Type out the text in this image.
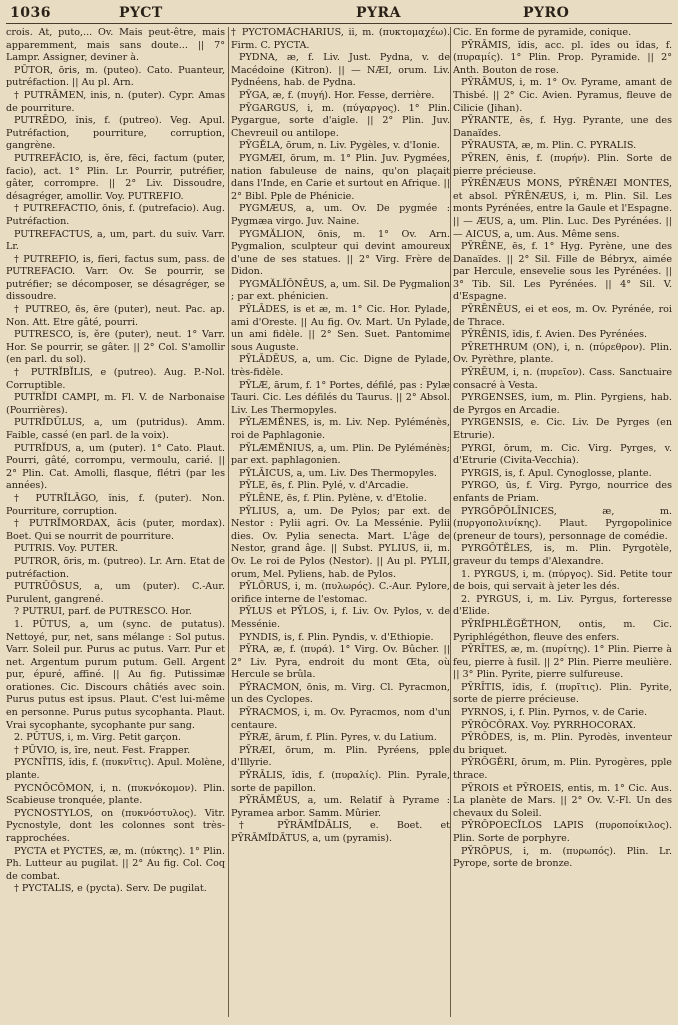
1036	PYCT	PYRA	PYRO

crois. At, puto,... Ov. Mais peut-être, mais apparemment, mais sans doute... || 7° Lampr. Assigner, deviner à.

PŪTOR, ōris, m. (puteo). Cato. Puanteur, putréfaction. || Au pl. Arn.

† PUTRĀMEN, inis, n. (puter). Cypr. Amas de pourriture.

PUTRĒDO, ĭnis, f. (putreo). Veg. Apul. Putréfaction, pourriture, corruption, gangrène.

PUTREFĂCIO, is, ĕre, fēci, factum (puter, facio), act. 1° Plin. Lr. Pourrir, putréfier, gâter, corrompre. || 2° Liv. Dissoudre, désagréger, amollir. Voy. PUTREFIO.

† PUTREFACTIO, ōnis, f. (putrefacio). Aug. Putréfaction.

PUTREFACTUS, a, um, part. du suiv. Varr. Lr.

† PUTREFIO, is, fĭeri, factus sum, pass. de PUTREFACIO. Varr. Ov. Se pourrir, se putréfier; se décomposer, se désagréger, se dissoudre.

† PUTREO, ēs, ēre (puter), neut. Pac. ap. Non. Att. Etre gâté, pourri.

PUTRESCO, ĭs, ĕre (puter), neut. 1° Varr. Hor. Se pourrir, se gâter. || 2° Col. S'amollir (en parl. du sol).

† PUTRĬBĬLIS, e (putreo). Aug. P.-Nol. Corruptible.

PUTRĬDI CAMPI, m. Fl. V. de Narbonaise (Pourrières).

PUTRĬDŬLUS, a, um (putridus). Amm. Faible, cassé (en parl. de la voix).

PUTRĬDUS, a, um (puter). 1° Cato. Plaut. Pourri, gâté, corrompu, vermoulu, carié. || 2° Plin. Cat. Amolli, flasque, flétri (par les années).

† PUTRĬLĀGO, ĭnis, f. (puter). Non. Pourriture, corruption.

† PUTRĬMORDAX, ācis (puter, mordax). Boet. Qui se nourrit de pourriture.

PUTRIS. Voy. PUTER.

PUTROR, ōris, m. (putreo). Lr. Arn. Etat de putréfaction.

PUTRŬŌSUS, a, um (puter). C.-Aur. Purulent, gangrené.

? PUTRUI, parf. de PUTRESCO. Hor.

1. PŪTUS, a, um (sync. de putatus). Nettoyé, pur, net, sans mélange : Sol putus. Varr. Soleil pur. Purus ac putus. Varr. Pur et net. Argentum purum putum. Gell. Argent pur, épuré, affiné. || Au fig. Putissimæ orationes. Cic. Discours châtiés avec soin. Purus putus est ipsus. Plaut. C'est lui-même en personne. Purus putus sycophanta. Plaut. Vrai sycophante, sycophante pur sang.

2. PŬTUS, i, m. Virg. Petit garçon.

† PŬVIO, is, īre, neut. Fest. Frapper.

PYCNĪTIS, ĭdis, f. (πυκνῖτις). Apul. Molène, plante.

PYCNŎCŎMON, i, n. (πυκνόκομον). Plin. Scabieuse tronquée, plante.

PYCNOSTYLOS, on (πυκνόστυλος). Vitr. Pycnostyle, dont les colonnes sont très-rapprochées.

PYCTA et PYCTES, æ, m. (πύκτης). 1° Plin. Ph. Lutteur au pugilat. || 2° Au fig. Col. Coq de combat.

† PYCTALIS, e (pycta). Serv. De pugilat.

† PYCTŎMĂCHĀRIUS, ii, m. (πυκτομαχέω). Firm. C. PYCTA.

PYDNA, æ, f. Liv. Just. Pydna, v. de Macédoine (Kitron). || — NÆI, orum. Liv. Pydnéens, hab. de Pydna.

PȲGA, æ, f. (πυγή). Hor. Fesse, derrière.

PȲGARGUS, i, m. (πύγαργος). 1° Plin. Pygargue, sorte d'aigle. || 2° Plin. Juv. Chevreuil ou antilope.

PȲGĔLA, ōrum, n. Liv. Pygèles, v. d'Ionie.

PYGMÆI, ōrum, m. 1° Plin. Juv. Pygmées, nation fabuleuse de nains, qu'on plaçait dans l'Inde, en Carie et surtout en Afrique. || 2° Bibl. Pple de Phénicie.

PYGMÆUS, a, um. Ov. De pygmée : Pygmæa virgo. Juv. Naine.

PYGMĂLION, ōnis, m. 1° Ov. Arn. Pygmalion, sculpteur qui devint amoureux d'une de ses statues. || 2° Virg. Frère de Didon.

PYGMĂLĬŌNĒUS, a, um. Sil. De Pygmalion ; par ext. phénicien.

PȲLĀDES, is et æ, m. 1° Cic. Hor. Pylade, ami d'Oreste. || Au fig. Ov. Mart. Un Pylade, un ami fidèle. || 2° Sen. Suet. Pantomime sous Auguste.

PȲLĀDĒUS, a, um. Cic. Digne de Pylade, très-fidèle.

PȲLÆ, ārum, f. 1° Portes, défilé, pas : Pylæ Tauri. Cic. Les défilés du Taurus. || 2° Absol. Liv. Les Thermopyles.

PȲLÆMĔNES, is, m. Liv. Nep. Pyléménès, roi de Paphlagonie.

PȲLÆMĔNIUS, a, um. Plin. De Pyléménès; par ext. paphlagonien.

PȲLĀICUS, a, um. Liv. Des Thermopyles.

PȲLE, ēs, f. Plin. Pylé, v. d'Arcadie.

PȲLĒNE, ēs, f. Plin. Pylène, v. d'Etolie.

PȲLIUS, a, um. De Pylos; par ext. de Nestor : Pylii agri. Ov. La Messénie. Pylii dies. Ov. Pylia senecta. Mart. L'âge de Nestor, grand âge. || Subst. PYLIUS, ii, m. Ov. Le roi de Pylos (Nestor). || Au pl. PYLII, orum, Mel. Pyliens, hab. de Pylos.

PȲLŌRUS, i, m. (πυλωρός). C.-Aur. Pylore, orifice interne de l'estomac.

PȲLUS et PȲLOS, i, f. Liv. Ov. Pylos, v. de Messénie.

PYNDIS, is, f. Plin. Pyndis, v. d'Ethiopie.

PȲRA, æ, f. (πυρά). 1° Virg. Ov. Bûcher. || 2° Liv. Pyra, endroit du mont Œta, où Hercule se brûla.

PȲRACMON, ōnis, m. Virg. Cl. Pyracmon, un des Cyclopes.

PȲRACMOS, i, m. Ov. Pyracmos, nom d'un centaure.

PȲRÆ, ārum, f. Plin. Pyres, v. du Latium.

PȲRÆI, ōrum, m. Plin. Pyréens, pple d'Illyrie.

PȲRĀLIS, ĭdis, f. (πυραλίς). Plin. Pyrale, sorte de papillon.

PȲRĀMĔUS, a, um. Relatif à Pyrame : Pyramea arbor. Samm. Mûrier.

† PȲRĀMĬDĀLIS, e. Boet. et PȲRĀMĬDĀTUS, a, um (pyramis).

Cic. En forme de pyramide, conique.

PȲRĀMIS, ĭdis, acc. pl. ĭdes ou ĭdas, f. (πυραμίς). 1° Plin. Prop. Pyramide. || 2° Anth. Bouton de rose.

PȲRĀMUS, i, m. 1° Ov. Pyrame, amant de Thisbé. || 2° Cic. Avien. Pyramus, fleuve de Cilicie (Jihan).

PȲRANTE, ēs, f. Hyg. Pyrante, une des Danaïdes.

PȲRAUSTA, æ, m. Plin. C. PYRALIS.

PȲREN, ēnis, f. (πυρήν). Plin. Sorte de pierre précieuse.

PȲRĒNÆUS MONS, PȲRĒNÆI MONTES, et absol. PȲRĒNÆUS, i, m. Plin. Sil. Les monts Pyrénées, entre la Gaule et l'Espagne. || — ÆUS, a, um. Plin. Luc. Des Pyrénées. || — AICUS, a, um. Aus. Même sens.

PȲRĒNE, ēs, f. 1° Hyg. Pyrène, une des Danaïdes. || 2° Sil. Fille de Bébryx, aimée par Hercule, ensevelie sous les Pyrénées. || 3° Tib. Sil. Les Pyrénées. || 4° Sil. V. d'Espagne.

PȲRĒNĒUS, ei et eos, m. Ov. Pyrénée, roi de Thrace.

PȲRĒNIS, ĭdis, f. Avien. Des Pyrénées.

PȲRETHRUM (ON), i, n. (πύρεθρον). Plin. Ov. Pyrèthre, plante.

PȲRĒUM, i, n. (πυρεῖον). Cass. Sanctuaire consacré à Vesta.

PYRGENSES, ium, m. Plin. Pyrgiens, hab. de Pyrgos en Arcadie.

PYRGENSIS, e. Cic. Liv. De Pyrges (en Etrurie).

PYRGI, ōrum, m. Cic. Virg. Pyrges, v. d'Etrurie (Civita-Vecchia).

PYRGIS, is, f. Apul. Cynoglosse, plante.

PYRGO, ūs, f. Virg. Pyrgo, nourrice des enfants de Priam.

PYRGŎPŎLĪNICES, æ, m. (πυργοπολινίκης). Plaut. Pyrgopolinice (preneur de tours), personnage de comédie.

PYRGŎTĔLES, is, m. Plin. Pyrgotèle, graveur du temps d'Alexandre.

1. PYRGUS, i, m. (πύργος). Sid. Petite tour de bois, qui servait à jeter les dés.

2. PYRGUS, i, m. Liv. Pyrgus, forteresse d'Elide.

PȲRĬPHLĔGĔTHON, ontis, m. Cic. Pyriphlégéthon, fleuve des enfers.

PȲRĪTES, æ, m. (πυρίτης). 1° Plin. Pierre à feu, pierre à fusil. || 2° Plin. Pierre meulière. || 3° Plin. Pyrite, pierre sulfureuse.

PȲRĪTIS, ĭdis, f. (πυρῖτις). Plin. Pyrite, sorte de pierre précieuse.

PYRNOS, i, f. Plin. Pyrnos, v. de Carie.

PȲRŎCŌRAX. Voy. PYRRHOCORAX.

PȲRŎDES, is, m. Plin. Pyrodès, inventeur du briquet.

PȲRŎGĔRI, ōrum, m. Plin. Pyrogères, pple thrace.

PȲROIS et PȲROEIS, entis, m. 1° Cic. Aus. La planète de Mars. || 2° Ov. V.-Fl. Un des chevaux du Soleil.

PȲRŎPOECĬLOS LAPIS (πυροποίκιλος). Plin. Sorte de porphyre.

PȲRŎPUS, i, m. (πυρωπός). Plin. Lr. Pyrope, sorte de bronze.
